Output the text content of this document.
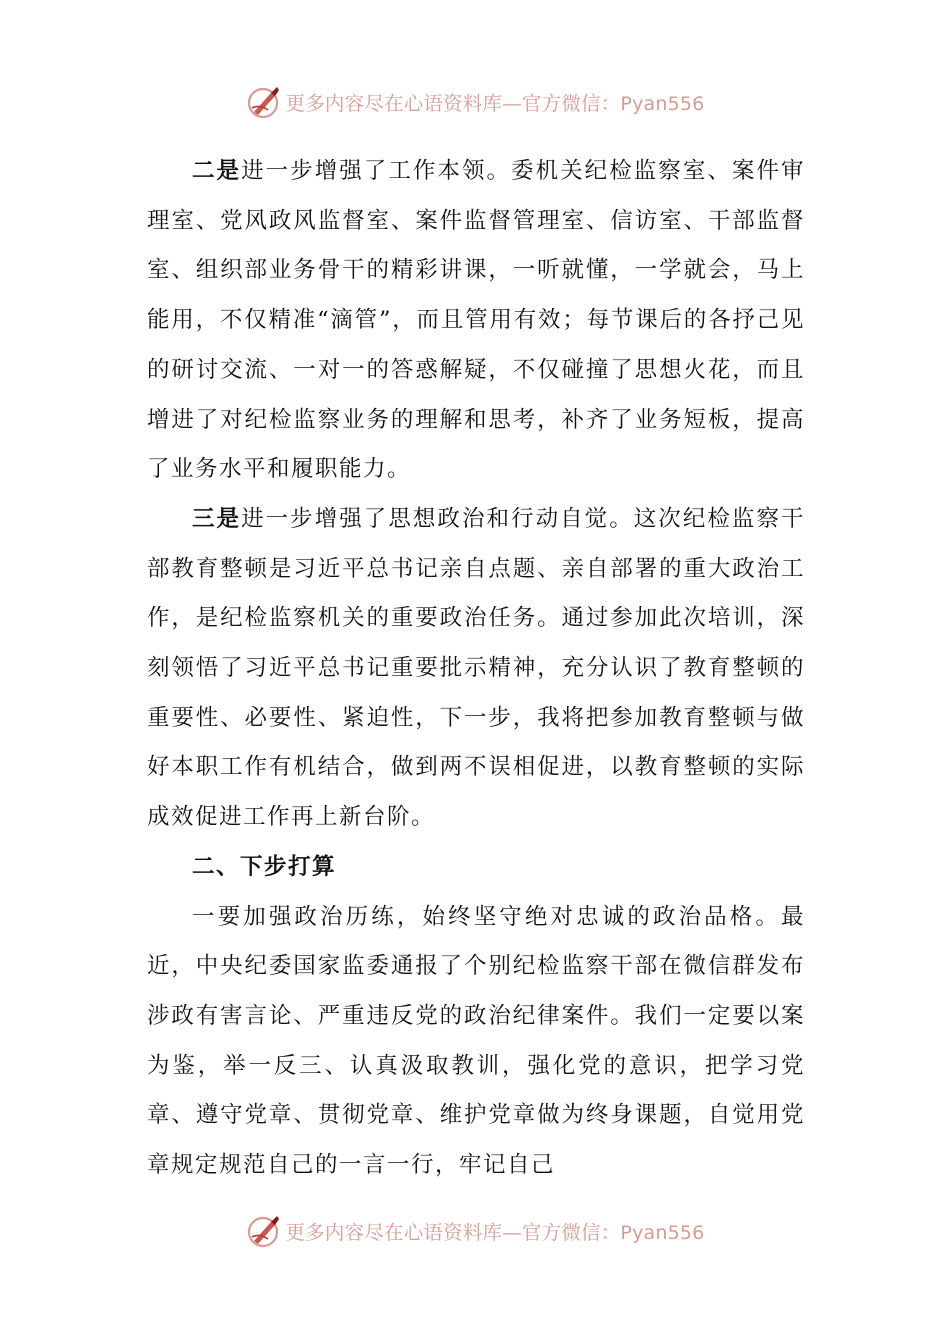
更多内容尽在心语资料库—官方微信：Pyan556

二是进一步增强了工作本领。委机关纪检监察室、案件审理室、党风政风监督室、案件监督管理室、信访室、干部监督室、组织部业务骨干的精彩讲课，一听就懂，一学就会，马上能用，不仅精准“滴管”，而且管用有效；每节课后的各抒己见的研讨交流、一对一的答惑解疑，不仅碰撞了思想火花，而且增进了对纪检监察业务的理解和思考，补齐了业务短板，提高了业务水平和履职能力。

三是进一步增强了思想政治和行动自觉。这次纪检监察干部教育整顿是习近平总书记亲自点题、亲自部署的重大政治工作，是纪检监察机关的重要政治任务。通过参加此次培训，深刻领悟了习近平总书记重要批示精神，充分认识了教育整顿的重要性、必要性、紧迫性，下一步，我将把参加教育整顿与做好本职工作有机结合，做到两不误相促进，以教育整顿的实际成效促进工作再上新台阶。

二、下步打算

一要加强政治历练，始终坚守绝对忠诚的政治品格。最近，中央纪委国家监委通报了个别纪检监察干部在微信群发布涉政有害言论、严重违反党的政治纪律案件。我们一定要以案为鉴，举一反三、认真汲取教训，强化党的意识，把学习党章、遵守党章、贯彻党章、维护党章做为终身课题，自觉用党章规定规范自己的一言一行，牢记自己

更多内容尽在心语资料库—官方微信：Pyan556
